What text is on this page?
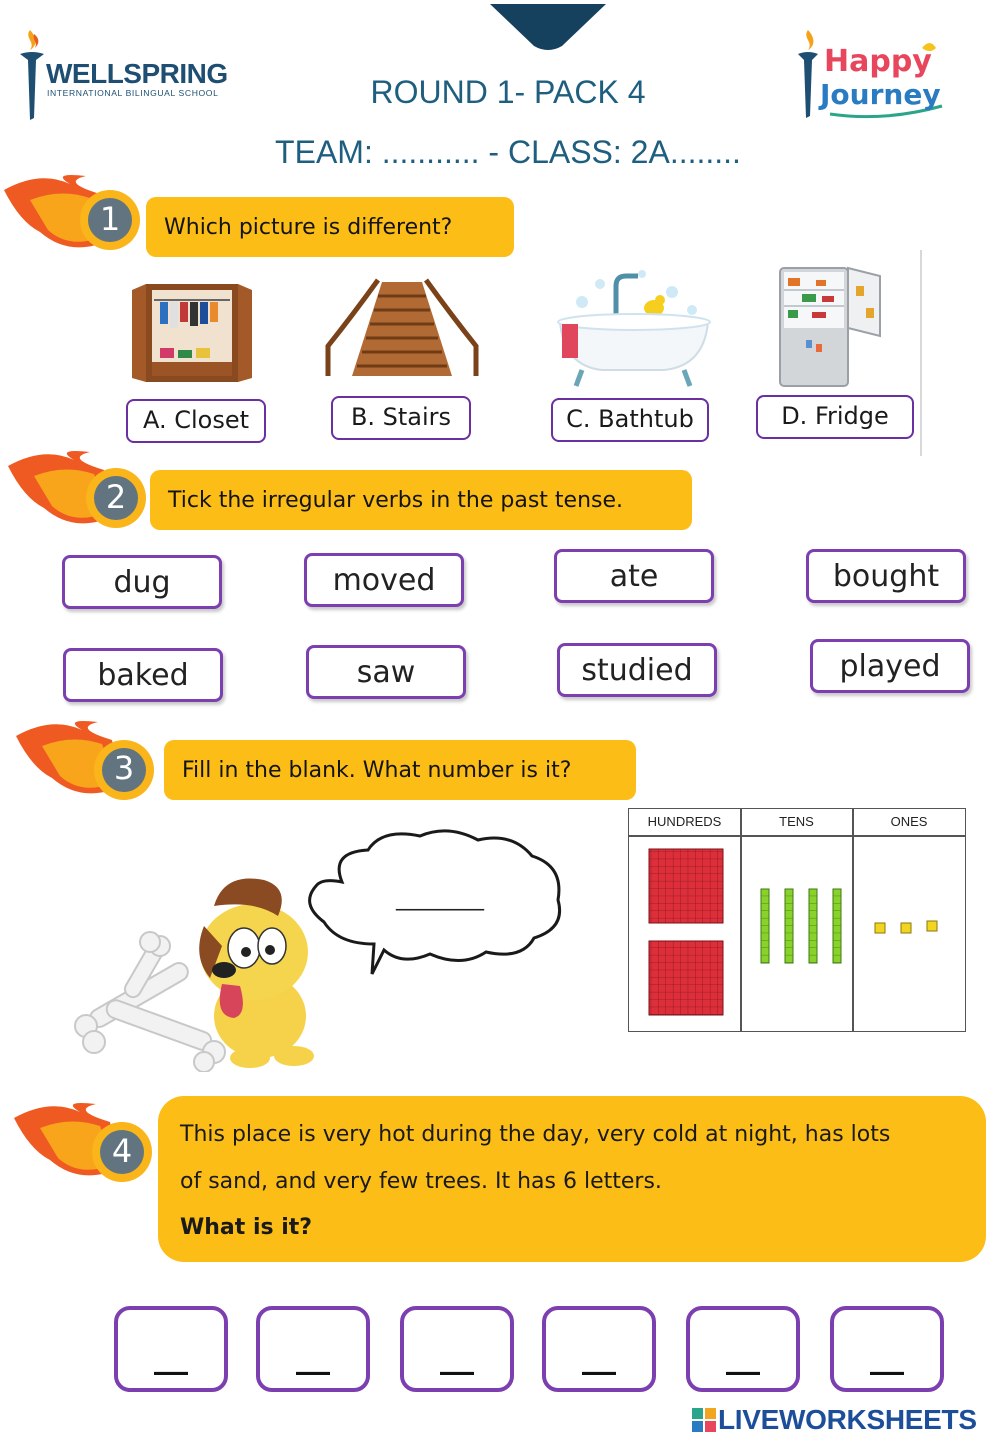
WELLSPRING
INTERNATIONAL BILINGUAL SCHOOL
Happy
Journey
ROUND 1- PACK 4
TEAM: ........... - CLASS: 2A........
1	Which picture is different?
A. Closet	B. Stairs	C. Bathtub	D. Fridge
2	Tick the irregular verbs in the past tense.
dug	moved	ate	bought
baked	saw	studied	played
3	Fill in the blank. What number is it?
________
HUNDREDS	TENS	ONES
4	This place is very hot during the day, very cold at night, has lots
of sand, and very few trees. It has 6 letters.
What is it?
__	__	__	__	__	__
LIVEWORKSHEETS
